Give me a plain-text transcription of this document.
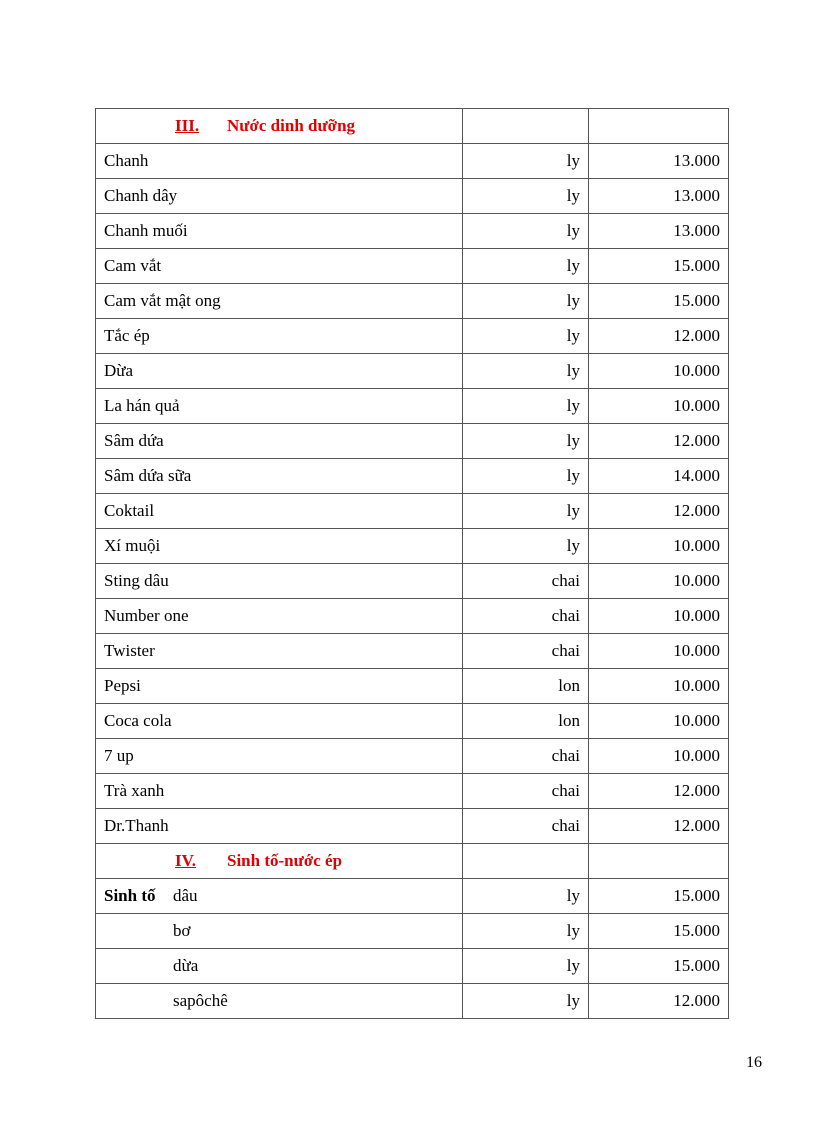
III. Nước dinh dưỡng		
Chanh	ly	13.000
Chanh dây	ly	13.000
Chanh muối	ly	13.000
Cam vắt	ly	15.000
Cam vắt mật ong	ly	15.000
Tắc ép	ly	12.000
Dừa	ly	10.000
La hán quả	ly	10.000
Sâm dứa	ly	12.000
Sâm dứa sữa	ly	14.000
Coktail	ly	12.000
Xí muội	ly	10.000
Sting dâu	chai	10.000
Number one	chai	10.000
Twister	chai	10.000
Pepsi	lon	10.000
Coca cola	lon	10.000
7 up	chai	10.000
Trà xanh	chai	12.000
Dr.Thanh	chai	12.000
IV. Sinh tố-nước ép		
Sinh tố dâu	ly	15.000
bơ	ly	15.000
dừa	ly	15.000
sapôchê	ly	12.000
16
